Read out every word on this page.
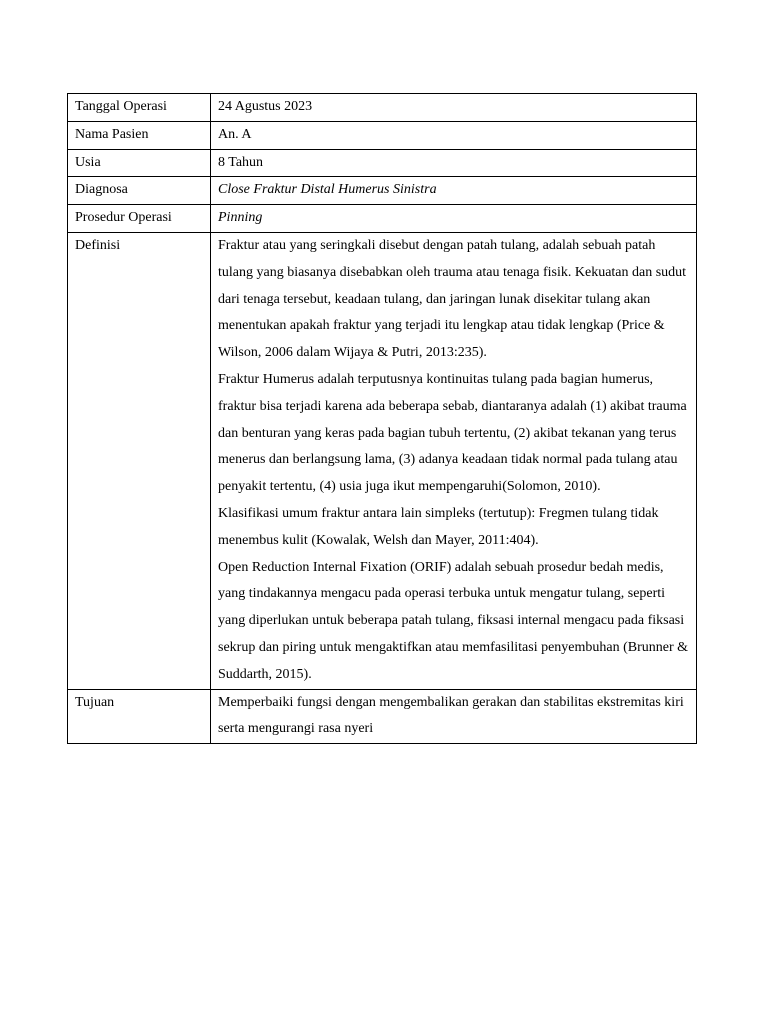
Tanggal Operasi	24 Agustus 2023
Nama Pasien	An. A
Usia	8 Tahun
Diagnosa	Close Fraktur Distal Humerus Sinistra
Prosedur Operasi	Pinning
Definisi	Fraktur atau yang seringkali disebut dengan patah tulang, adalah sebuah patah tulang yang biasanya disebabkan oleh trauma atau tenaga fisik. Kekuatan dan sudut dari tenaga tersebut, keadaan tulang, dan jaringan lunak disekitar tulang akan menentukan apakah fraktur yang terjadi itu lengkap atau tidak lengkap (Price & Wilson, 2006 dalam Wijaya & Putri, 2013:235).
Fraktur Humerus adalah terputusnya kontinuitas tulang pada bagian humerus, fraktur bisa terjadi karena ada beberapa sebab, diantaranya adalah (1) akibat trauma dan benturan yang keras pada bagian tubuh tertentu, (2) akibat tekanan yang terus menerus dan berlangsung lama, (3) adanya keadaan tidak normal pada tulang atau penyakit tertentu, (4) usia juga ikut mempengaruhi(Solomon, 2010).
Klasifikasi umum fraktur antara lain simpleks (tertutup): Fregmen tulang tidak menembus kulit (Kowalak, Welsh dan Mayer, 2011:404).
Open Reduction Internal Fixation (ORIF) adalah sebuah prosedur bedah medis, yang tindakannya mengacu pada operasi terbuka untuk mengatur tulang, seperti yang diperlukan untuk beberapa patah tulang, fiksasi internal mengacu pada fiksasi sekrup dan piring untuk mengaktifkan atau memfasilitasi penyembuhan (Brunner & Suddarth, 2015).

Tujuan	Memperbaiki fungsi dengan mengembalikan gerakan dan stabilitas ekstremitas kiri serta mengurangi rasa nyeri
